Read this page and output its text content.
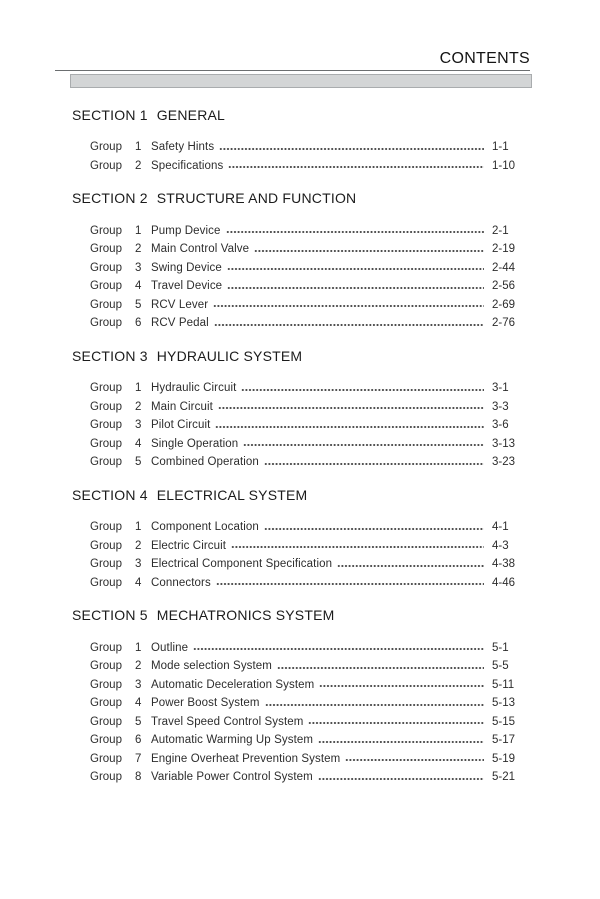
CONTENTS
SECTION 1 GENERAL
Group	1 Safety Hints	1-1
Group	2 Specifications	1-10
SECTION 2 STRUCTURE AND FUNCTION
Group	1 Pump Device	2-1
Group	2 Main Control Valve	2-19
Group	3 Swing Device	2-44
Group	4 Travel Device	2-56
Group	5 RCV Lever	2-69
Group	6 RCV Pedal	2-76
SECTION 3 HYDRAULIC SYSTEM
Group	1 Hydraulic Circuit	3-1
Group	2 Main Circuit	3-3
Group	3 Pilot Circuit	3-6
Group	4 Single Operation	3-13
Group	5 Combined Operation	3-23
SECTION 4 ELECTRICAL SYSTEM
Group	1 Component Location	4-1
Group	2 Electric Circuit	4-3
Group	3 Electrical Component Specification	4-38
Group	4 Connectors	4-46
SECTION 5 MECHATRONICS SYSTEM
Group	1 Outline	5-1
Group	2 Mode selection System	5-5
Group	3 Automatic Deceleration System	5-11
Group	4 Power Boost System	5-13
Group	5 Travel Speed Control System	5-15
Group	6 Automatic Warming Up System	5-17
Group	7 Engine Overheat Prevention System	5-19
Group	8 Variable Power Control System	5-21
